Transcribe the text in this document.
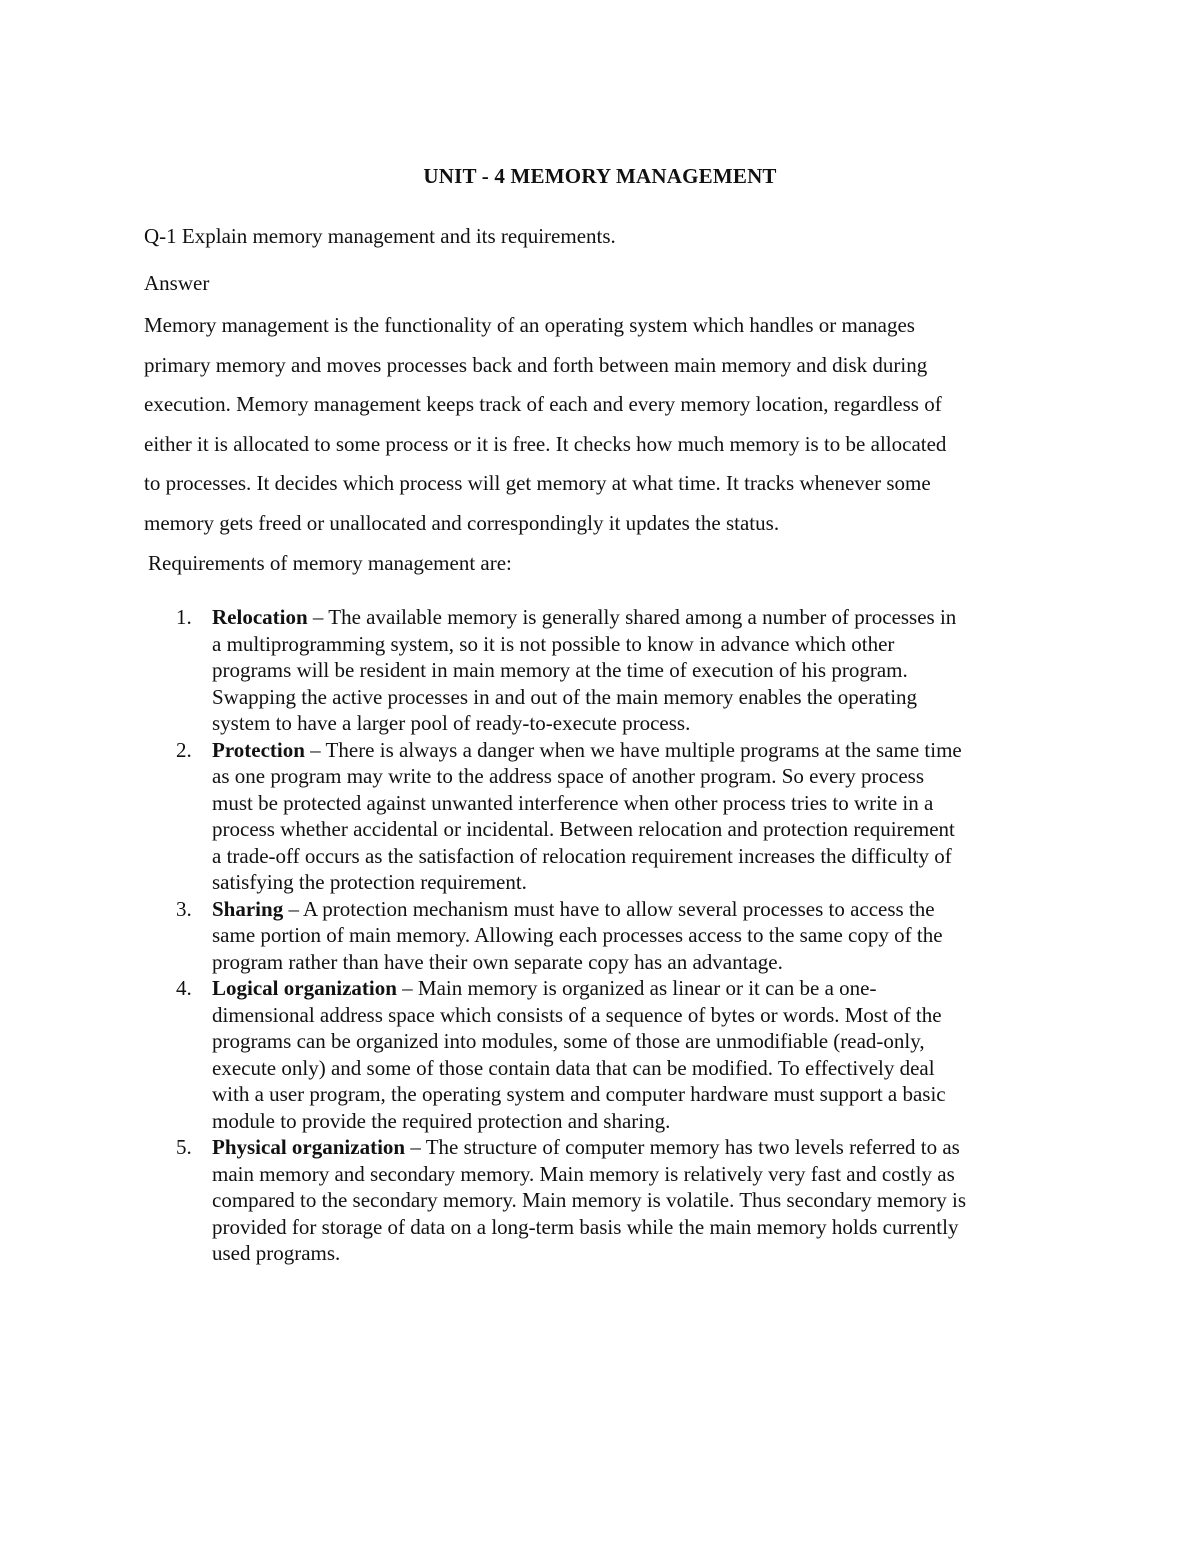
UNIT - 4 MEMORY MANAGEMENT
Q-1 Explain memory management and its requirements.
Answer
Memory management is the functionality of an operating system which handles or manages
primary memory and moves processes back and forth between main memory and disk during
execution. Memory management keeps track of each and every memory location, regardless of
either it is allocated to some process or it is free. It checks how much memory is to be allocated
to processes. It decides which process will get memory at what time. It tracks whenever some
memory gets freed or unallocated and correspondingly it updates the status.
Requirements of memory management are:
1. Relocation – The available memory is generally shared among a number of processes in
a multiprogramming system, so it is not possible to know in advance which other
programs will be resident in main memory at the time of execution of his program.
Swapping the active processes in and out of the main memory enables the operating
system to have a larger pool of ready-to-execute process.
2. Protection – There is always a danger when we have multiple programs at the same time
as one program may write to the address space of another program. So every process
must be protected against unwanted interference when other process tries to write in a
process whether accidental or incidental. Between relocation and protection requirement
a trade-off occurs as the satisfaction of relocation requirement increases the difficulty of
satisfying the protection requirement.
3. Sharing – A protection mechanism must have to allow several processes to access the
same portion of main memory. Allowing each processes access to the same copy of the
program rather than have their own separate copy has an advantage.
4. Logical organization – Main memory is organized as linear or it can be a one-
dimensional address space which consists of a sequence of bytes or words. Most of the
programs can be organized into modules, some of those are unmodifiable (read-only,
execute only) and some of those contain data that can be modified. To effectively deal
with a user program, the operating system and computer hardware must support a basic
module to provide the required protection and sharing.
5. Physical organization – The structure of computer memory has two levels referred to as
main memory and secondary memory. Main memory is relatively very fast and costly as
compared to the secondary memory. Main memory is volatile. Thus secondary memory is
provided for storage of data on a long-term basis while the main memory holds currently
used programs.
